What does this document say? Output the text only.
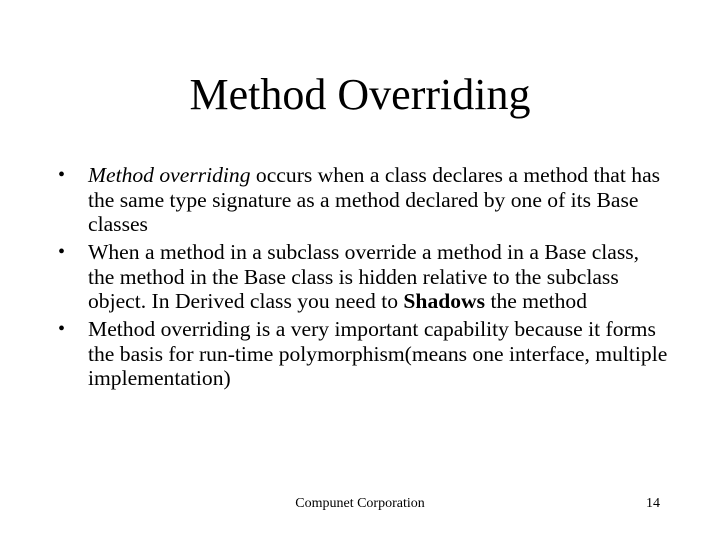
Method Overriding
•	Method overriding occurs when a class declares a method that has the same type signature as a method declared by one of its Base classes
•	When a method in a subclass override a method in a Base class, the method in the Base class is hidden relative to the subclass object. In Derived class you need to Shadows the method
•	Method overriding is a very important capability because it forms the basis for run-time polymorphism(means one interface, multiple implementation)
Compunet Corporation	14
